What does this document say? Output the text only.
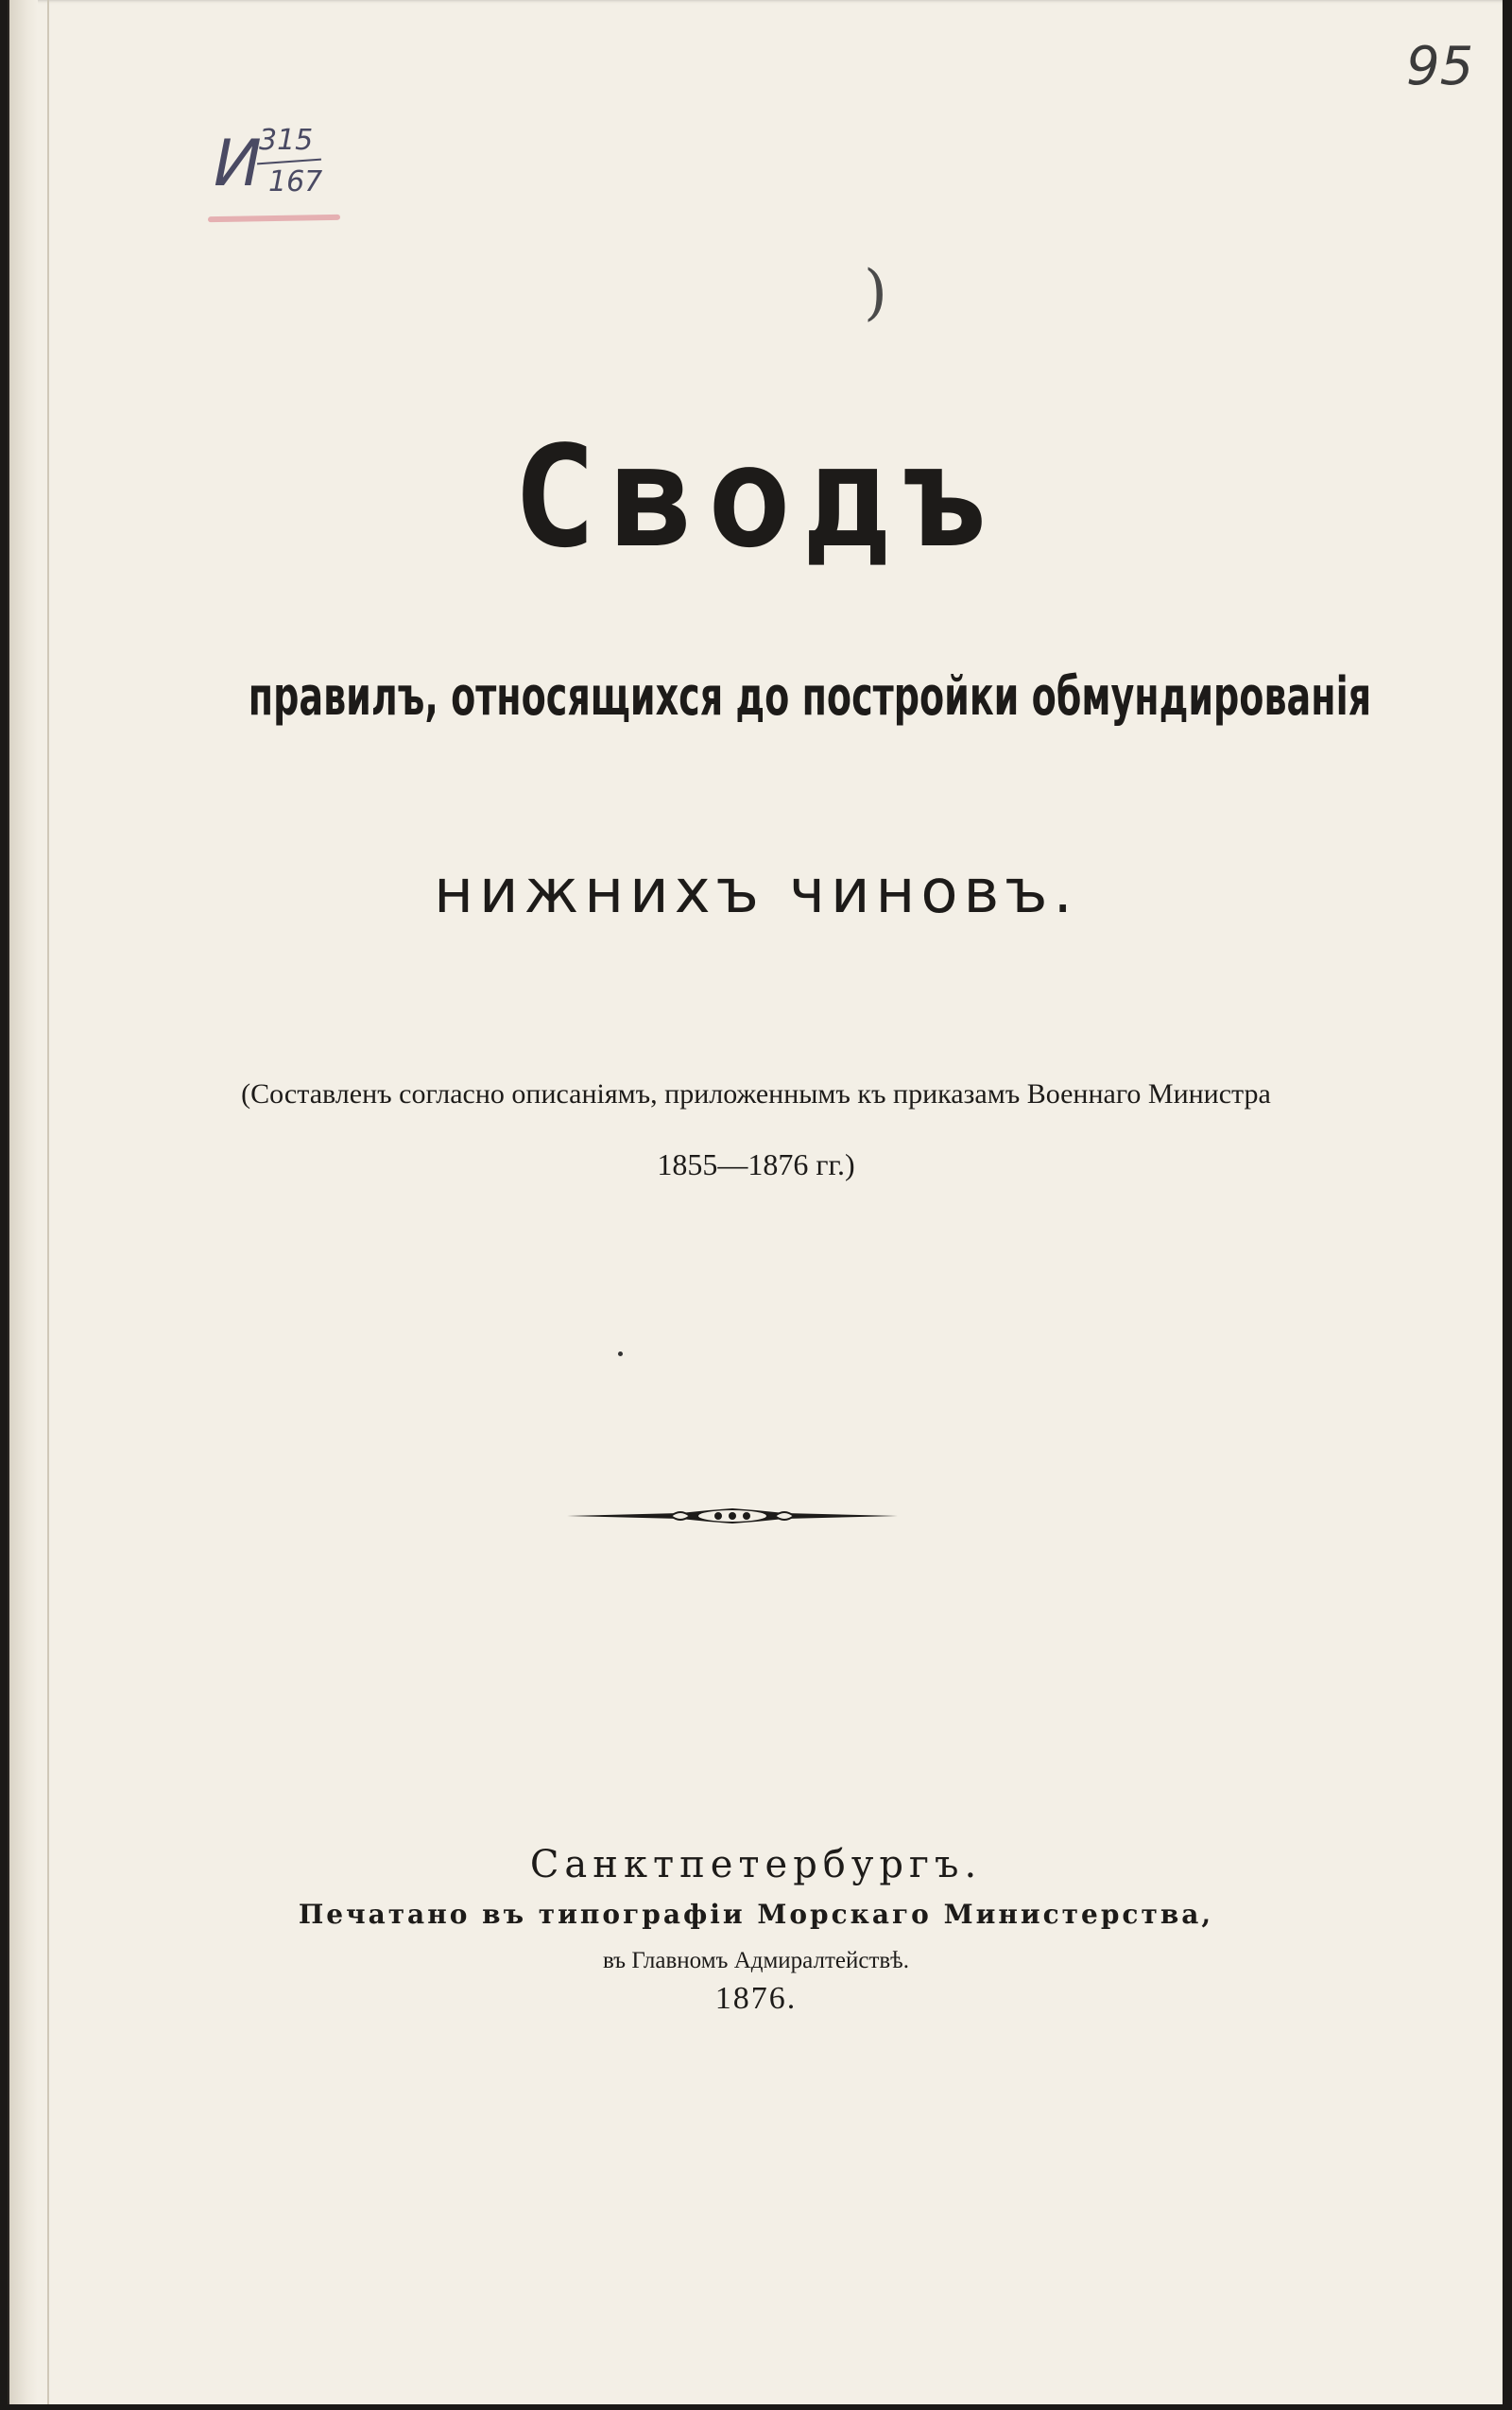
И
315
167
95
)
Сводъ
правилъ, относящихся до постройки обмундированія
нижнихъ чиновъ.
(Составленъ согласно описаніямъ, приложеннымъ къ приказамъ Военнаго Министра
1855—1876 гг.)
Санктпетербургъ.
Печатано въ типографіи Морскаго Министерства,
въ Главномъ Адмиралтействѣ.
1876.
